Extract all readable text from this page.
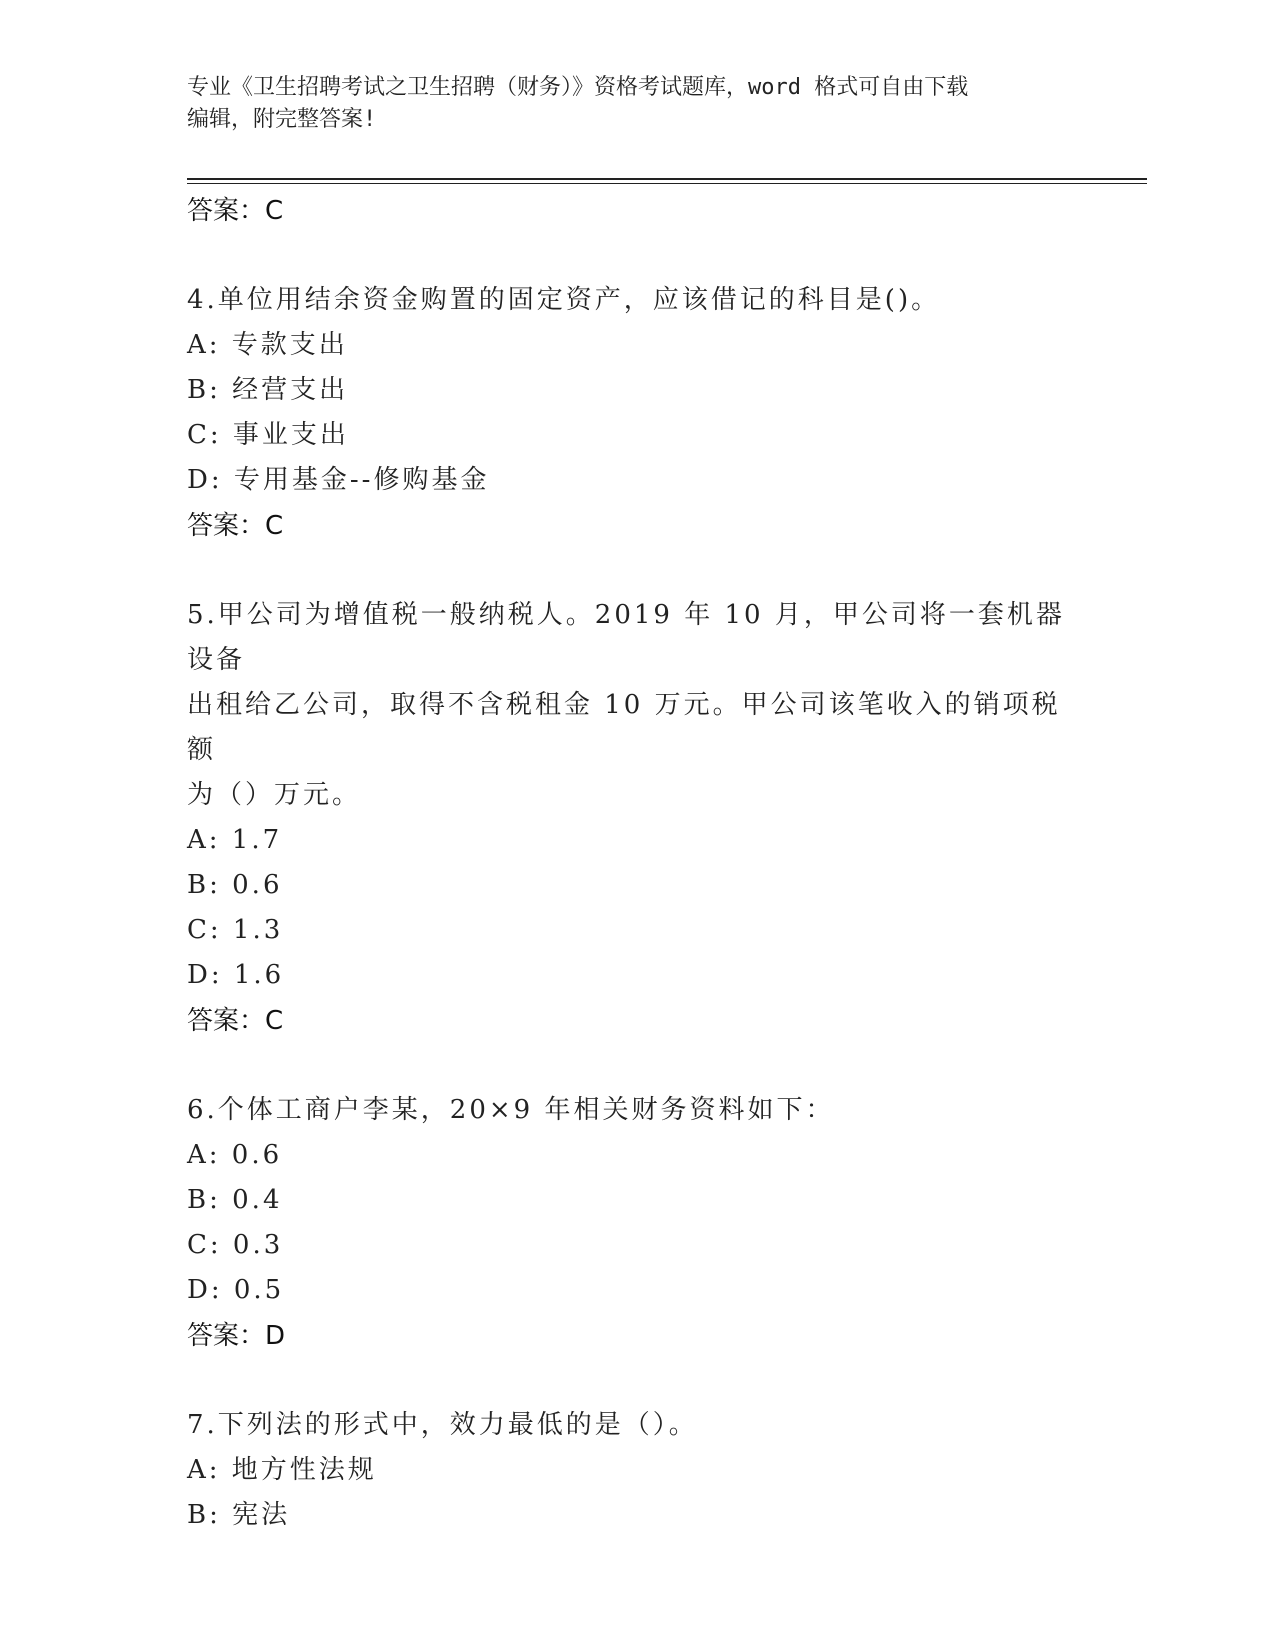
专业《卫生招聘考试之卫生招聘（财务）》资格考试题库，word 格式可自由下载
编辑，附完整答案!
答案：C
4.单位用结余资金购置的固定资产，应该借记的科目是()。
A: 专款支出
B: 经营支出
C: 事业支出
D: 专用基金--修购基金
答案：C
5.甲公司为增值税一般纳税人。2019 年 10 月，甲公司将一套机器设备
出租给乙公司，取得不含税租金 10 万元。甲公司该笔收入的销项税额
为（）万元。
A: 1.7
B: 0.6
C: 1.3
D: 1.6
答案：C
6.个体工商户李某，20×9 年相关财务资料如下：
A: 0.6
B: 0.4
C: 0.3
D: 0.5
答案：D
7.下列法的形式中，效力最低的是（）。
A: 地方性法规
B: 宪法
